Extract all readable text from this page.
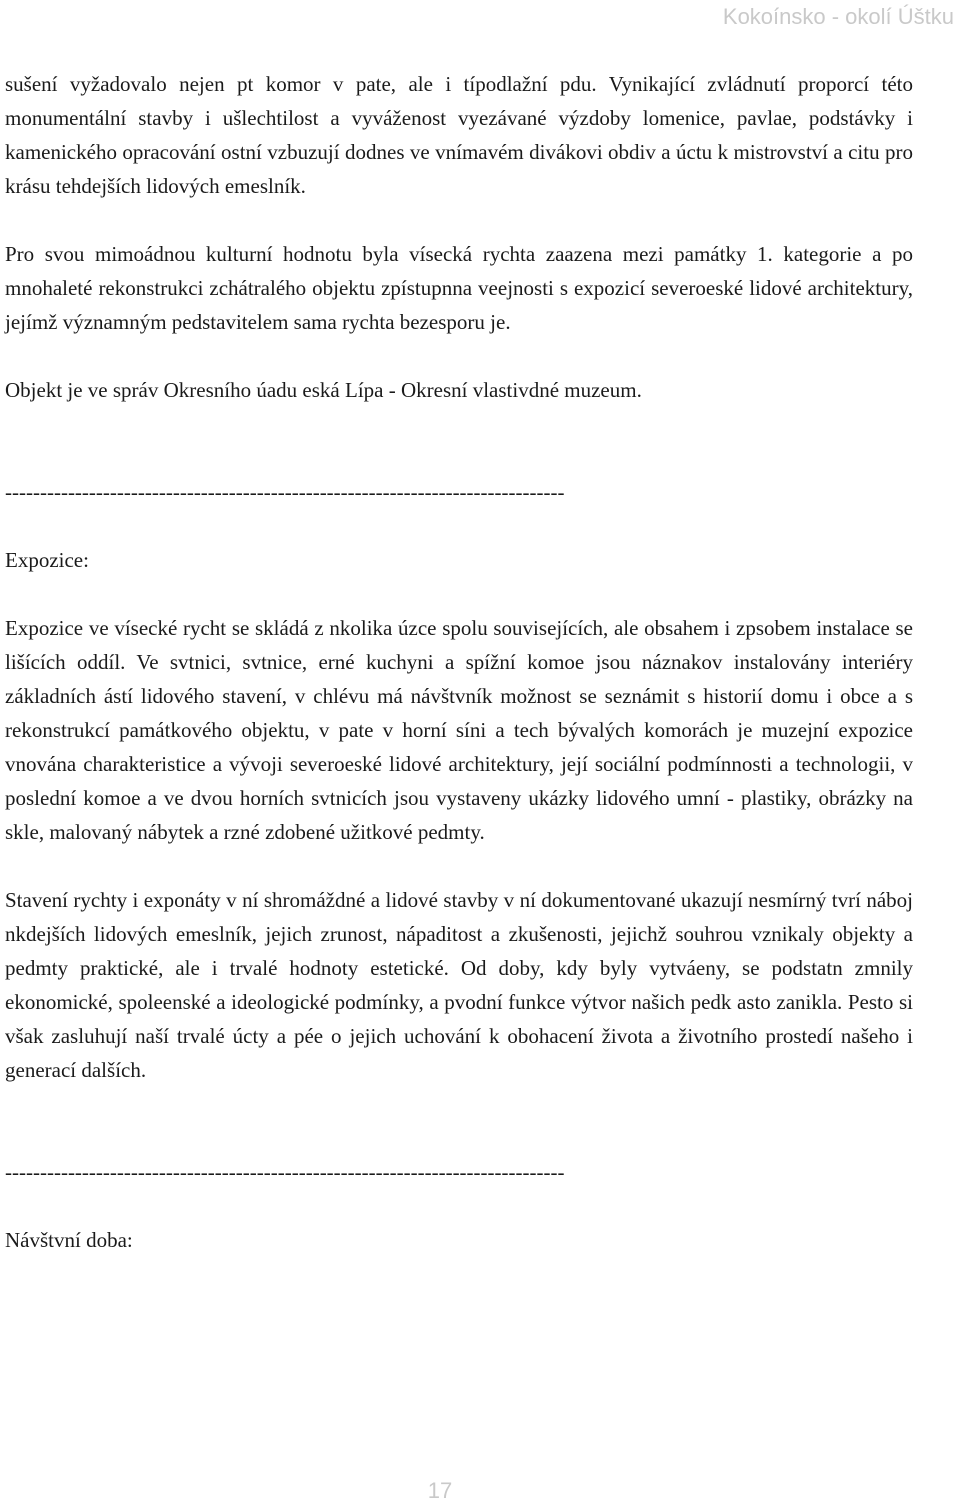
Kokoínsko - okolí Úštku

sušení vyžadovalo nejen pt komor v pate, ale i típodlažní pdu. Vynikající zvládnutí proporcí této monumentální stavby i ušlechtilost a vyváženost vyezávané výzdoby lomenice, pavlae, podstávky i kamenického opracování ostní vzbuzují dodnes ve vnímavém divákovi obdiv a úctu k mistrovství a citu pro krásu tehdejších lidových emeslník.

Pro svou mimoádnou kulturní hodnotu byla vísecká rychta zaazena mezi památky 1. kategorie a po mnohaleté rekonstrukci zchátralého objektu zpístupnna veejnosti s expozicí severoeské lidové architektury, jejímž významným pedstavitelem sama rychta bezesporu je.

Objekt je ve správ Okresního úadu eská Lípa - Okresní vlastivdné muzeum.

--------------------------------------------------------------------------------
Expozice:

Expozice ve vísecké rycht se skládá z nkolika úzce spolu souvisejících, ale obsahem i zpsobem instalace se lišících oddíl. Ve svtnici, svtnice, erné kuchyni a spížní komoe jsou náznakov instalovány interiéry základních ástí lidového stavení, v chlévu má návštvník možnost se seznámit s historií domu i obce a s rekonstrukcí památkového objektu, v pate v horní síni a tech bývalých komorách je muzejní expozice vnována charakteristice a vývoji severoeské lidové architektury, její sociální podmínnosti a technologii, v poslední komoe a ve dvou horních svtnicích jsou vystaveny ukázky lidového umní - plastiky, obrázky na skle, malovaný nábytek a rzné zdobené užitkové pedmty.

Stavení rychty i exponáty v ní shromáždné a lidové stavby v ní dokumentované ukazují nesmírný tvrí náboj nkdejších lidových emeslník, jejich zrunost, nápaditost a zkušenosti, jejichž souhrou vznikaly objekty a pedmty praktické, ale i trvalé hodnoty estetické. Od doby, kdy byly vytváeny, se podstatn zmnily ekonomické, spoleenské a ideologické podmínky, a pvodní funkce výtvor našich pedk asto zanikla. Pesto si však zasluhují naší trvalé úcty a pée o jejich uchování k obohacení života a životního prostedí našeho i generací dalších.

--------------------------------------------------------------------------------
Návštvní doba:
17
